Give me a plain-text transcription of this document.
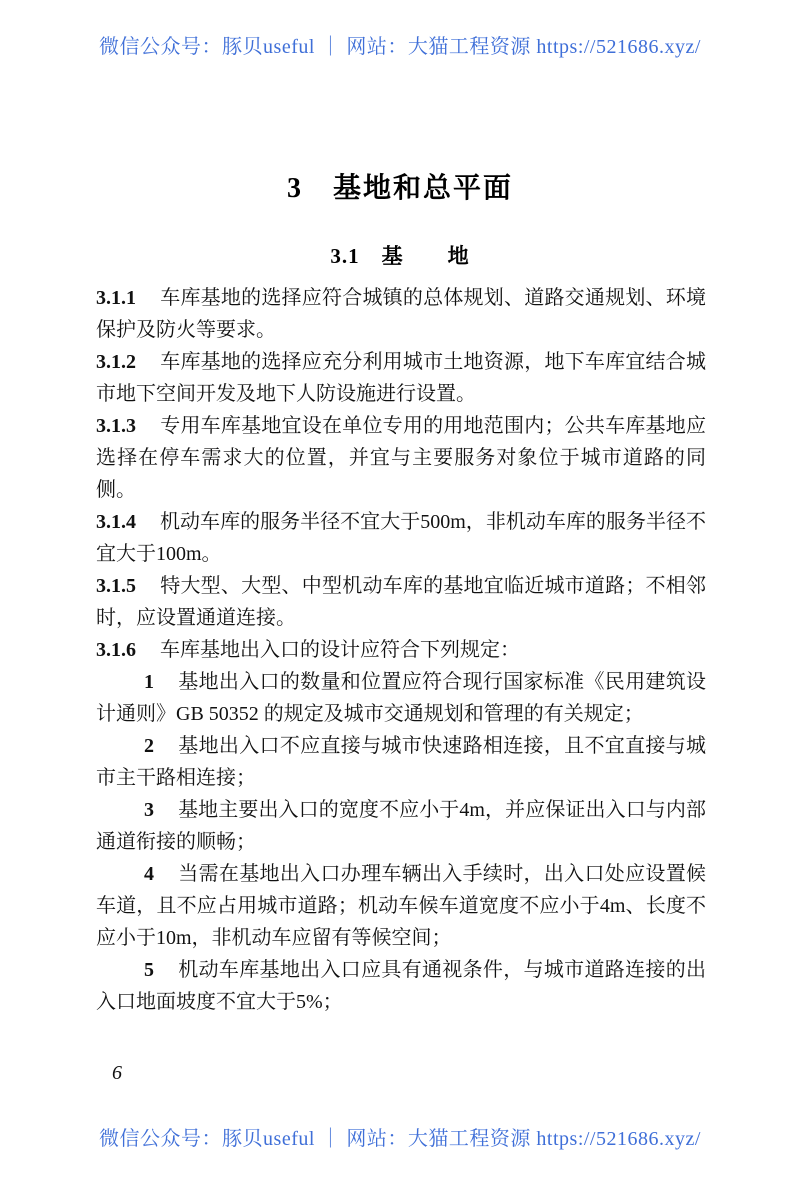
微信公众号：豚贝useful ｜ 网站：大猫工程资源 https://521686.xyz/
3　基地和总平面
3.1　基　　地

3.1.1 车库基地的选择应符合城镇的总体规划、道路交通规划、环境保护及防火等要求。

3.1.2 车库基地的选择应充分利用城市土地资源，地下车库宜结合城市地下空间开发及地下人防设施进行设置。

3.1.3 专用车库基地宜设在单位专用的用地范围内；公共车库基地应选择在停车需求大的位置，并宜与主要服务对象位于城市道路的同侧。

3.1.4 机动车库的服务半径不宜大于500m，非机动车库的服务半径不宜大于100m。

3.1.5 特大型、大型、中型机动车库的基地宜临近城市道路；不相邻时，应设置通道连接。

3.1.6 车库基地出入口的设计应符合下列规定：

1 基地出入口的数量和位置应符合现行国家标准《民用建筑设计通则》GB 50352 的规定及城市交通规划和管理的有关规定；

2 基地出入口不应直接与城市快速路相连接，且不宜直接与城市主干路相连接；

3 基地主要出入口的宽度不应小于4m，并应保证出入口与内部通道衔接的顺畅；

4 当需在基地出入口办理车辆出入手续时，出入口处应设置候车道，且不应占用城市道路；机动车候车道宽度不应小于4m、长度不应小于10m，非机动车应留有等候空间；

5 机动车库基地出入口应具有通视条件，与城市道路连接的出入口地面坡度不宜大于5%；

6
微信公众号：豚贝useful ｜ 网站：大猫工程资源 https://521686.xyz/
